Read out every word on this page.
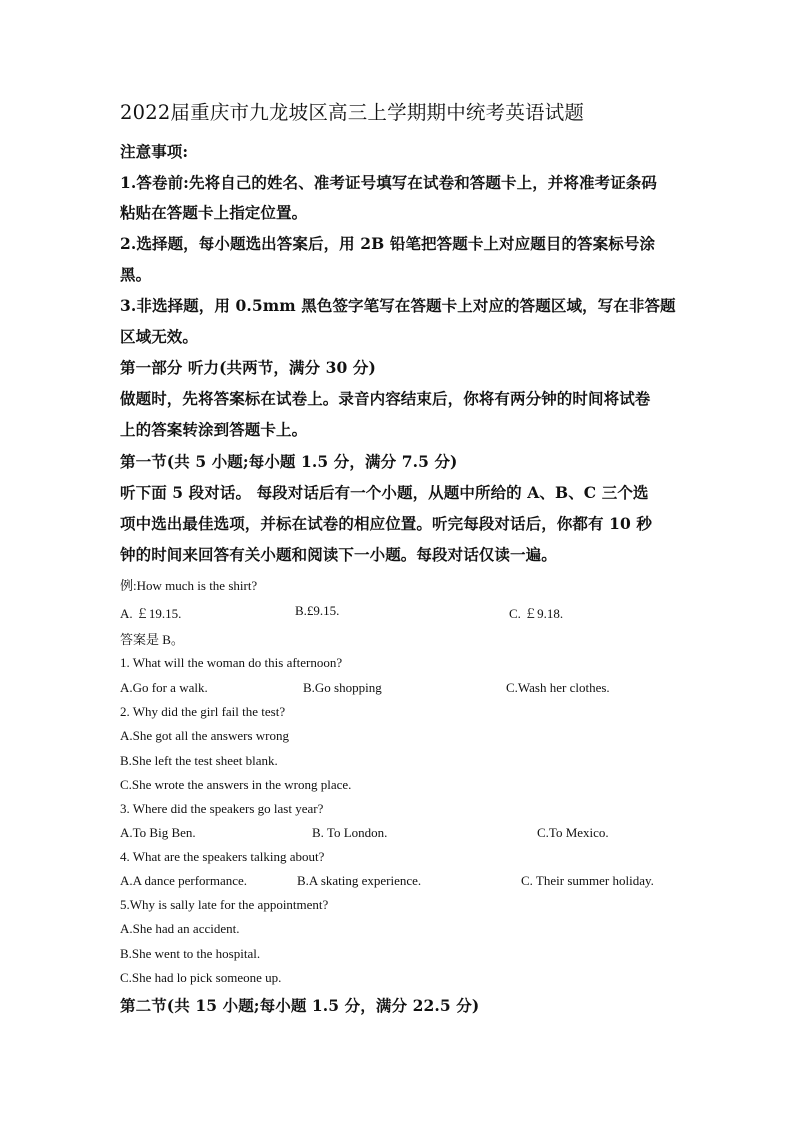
2022届重庆市九龙坡区高三上学期期中统考英语试题
注意事项:
1.答卷前:先将自己的姓名、准考证号填写在试卷和答题卡上，并将准考证条码
粘贴在答题卡上指定位置。
2.选择题，每小题选出答案后，用 2B 铅笔把答题卡上对应题目的答案标号涂
黑。
3.非选择题，用 0.5mm 黑色签字笔写在答题卡上对应的答题区域，写在非答题
区域无效。
第一部分 听力(共两节，满分 30 分)
做题时，先将答案标在试卷上。录音内容结束后，你将有两分钟的时间将试卷
上的答案转涂到答题卡上。
第一节(共 5 小题;每小题 1.5 分，满分 7.5 分)
听下面 5 段对话。 每段对话后有一个小题，从题中所给的 A、B、C 三个选
项中选出最佳选项，并标在试卷的相应位置。听完每段对话后，你都有 10 秒
钟的时间来回答有关小题和阅读下一小题。每段对话仅读一遍。
例:How much is the shirt?
A. ￡19.15.	B.£9.15.	C. ￡9.18.
答案是 B。
1. What will the woman do this afternoon?
A.Go for a walk.	B.Go shopping	C.Wash her clothes.
2. Why did the girl fail the test?
A.She got all the answers wrong
B.She left the test sheet blank.
C.She wrote the answers in the wrong place.
3. Where did the speakers go last year?
A.To Big Ben.	B. To London.	C.To Mexico.
4. What are the speakers talking about?
A.A dance performance.	B.A skating experience.	C. Their summer holiday.
5.Why is sally late for the appointment?
A.She had an accident.
B.She went to the hospital.
C.She had lo pick someone up.
第二节(共 15 小题;每小题 1.5 分，满分 22.5 分)
